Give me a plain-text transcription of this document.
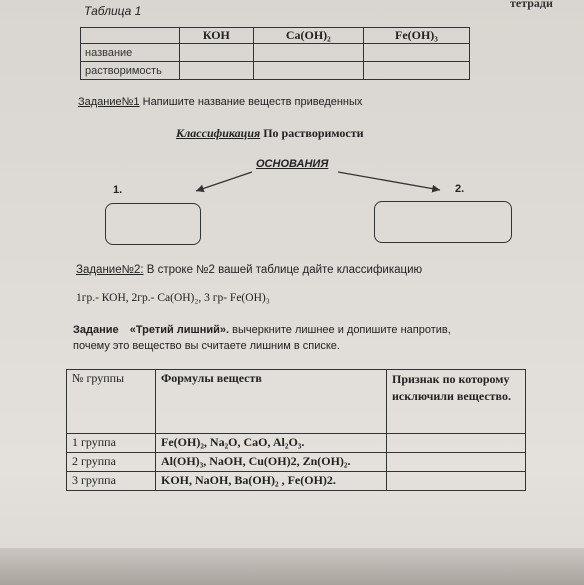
Таблица 1
тетради
	КОН	Ca(OH)₂	Fe(OH)₃
название			
растворимость			
Задание№1 Напишите название веществ приведенных
Классификация По растворимости
ОСНОВАНИЯ
1.	2.
Задание№2: В строке №2 вашей таблице дайте классификацию
1гр.- КОН, 2гр.- Са(ОН)₂, 3 гр- Fe(OH)₃
Задание «Третий лишний». вычеркните лишнее и допишите напротив,
почему это вещество вы считаете лишним в списке.
№ группы	Формулы веществ	Признак по которому исключили вещество.
1 группа	Fe(OH)₂, Na₂O, CaO, Al₂O₃.	
2 группа	Al(OH)₃, NaOH, Cu(OH)2, Zn(OH)₂.	
3 группа	KOH, NaOH, Ba(OH)₂ , Fe(OH)2.	
